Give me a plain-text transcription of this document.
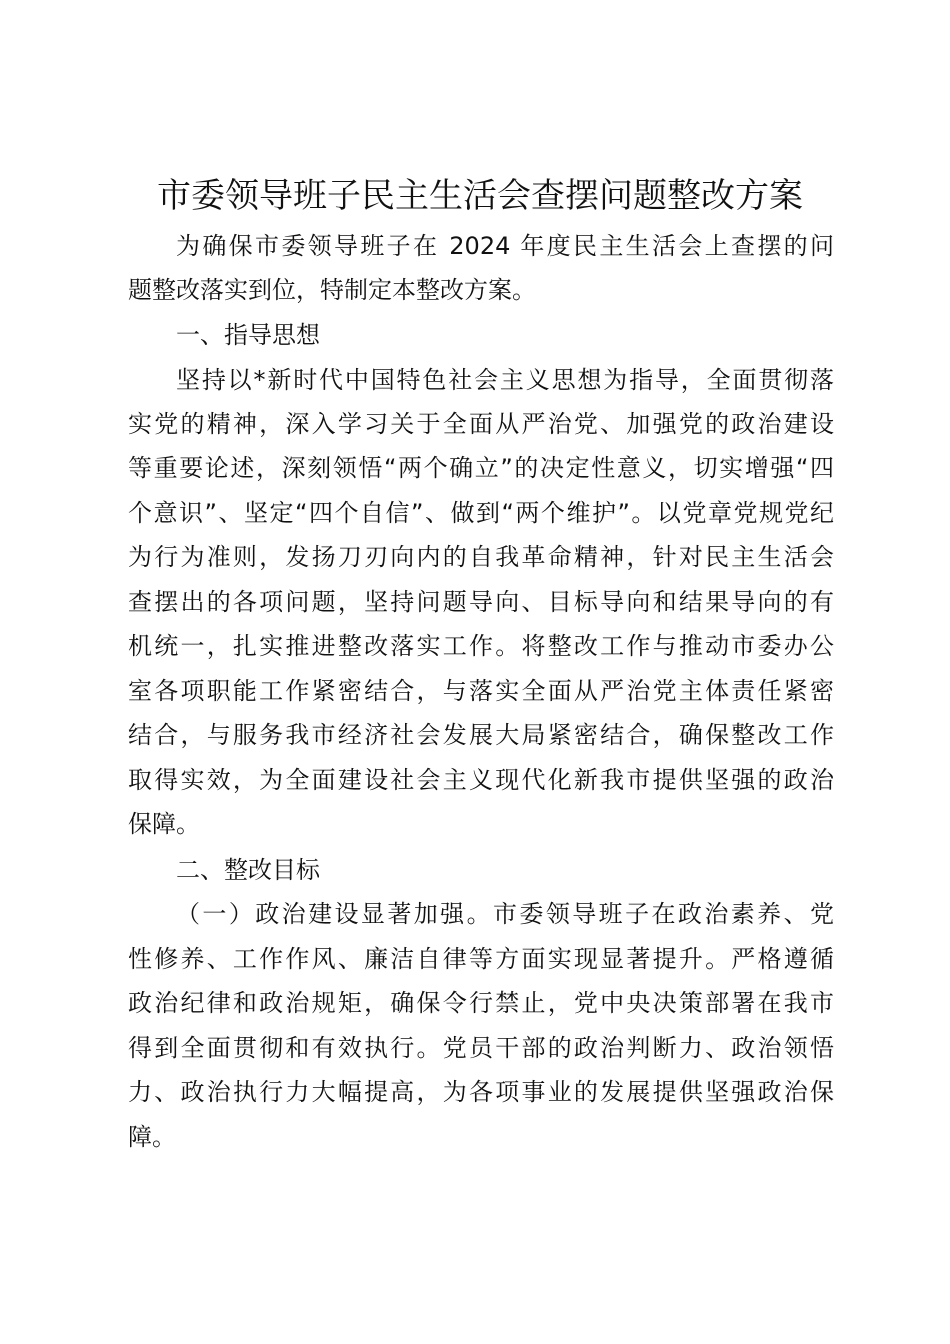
市委领导班子民主生活会查摆问题整改方案
为确保市委领导班子在 2024 年度民主生活会上查摆的问
题整改落实到位，特制定本整改方案。
一、指导思想
坚持以*新时代中国特色社会主义思想为指导，全面贯彻落
实党的精神，深入学习关于全面从严治党、加强党的政治建设
等重要论述，深刻领悟“两个确立”的决定性意义，切实增强“四
个意识”、坚定“四个自信”、做到“两个维护”。以党章党规党纪
为行为准则，发扬刀刃向内的自我革命精神，针对民主生活会
查摆出的各项问题，坚持问题导向、目标导向和结果导向的有
机统一，扎实推进整改落实工作。将整改工作与推动市委办公
室各项职能工作紧密结合，与落实全面从严治党主体责任紧密
结合，与服务我市经济社会发展大局紧密结合，确保整改工作
取得实效，为全面建设社会主义现代化新我市提供坚强的政治
保障。
二、整改目标
（一）政治建设显著加强。市委领导班子在政治素养、党
性修养、工作作风、廉洁自律等方面实现显著提升。严格遵循
政治纪律和政治规矩，确保令行禁止，党中央决策部署在我市
得到全面贯彻和有效执行。党员干部的政治判断力、政治领悟
力、政治执行力大幅提高，为各项事业的发展提供坚强政治保
障。
